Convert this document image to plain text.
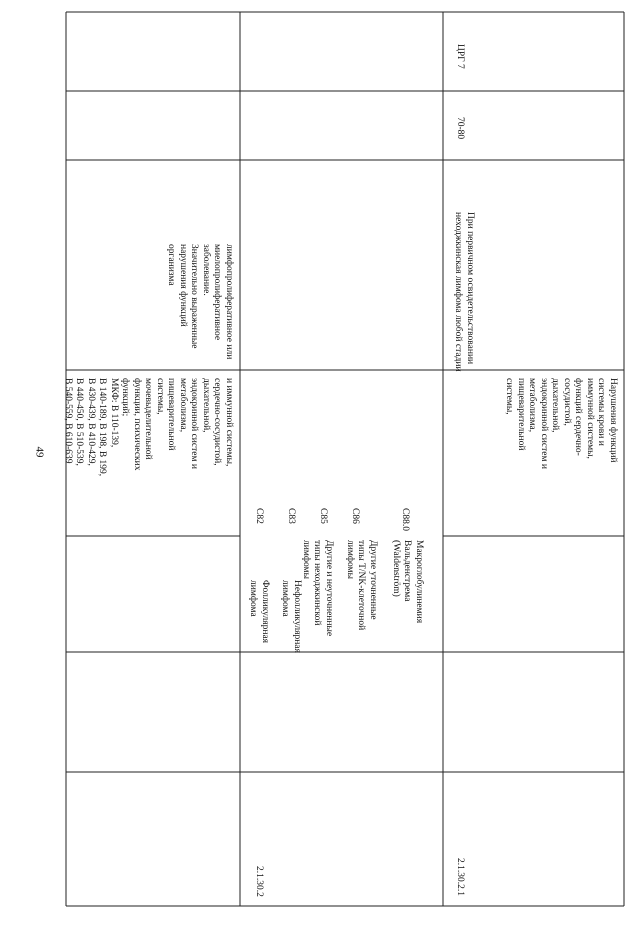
49	и иммунной системы,
сердечно-сосудистой,
дыхательной,
эндокринной систем и
метаболизма,
пищеварительной
системы,
мочевыделительной
функции, психических
функций;
МКФ: В 110-139,
В 140-189, В 198, В 199,
В 430-439, В 410-429,
В 440-450, В 510-539,
В 540-559, В 610-639
лимфопролиферативное или
миелопролиферативное заболевание.
Значительно выраженные нарушения функций
организма
2.1.30.2
Фолликулярная лимфома
С82
Нефолликулярная лимфома
С83
Другие и неуточненные типы неходжкинской лимфомы
С85
Другие уточненные типы Т/NK-клеточной лимфомы
С86
Макроглобулинемия Вальденстрема (Waldenström)
С88.0
2.1.30.2.1
Нарушения функций
системы крови и
иммунной системы,
функций сердечно-
сосудистой,
дыхательной,
эндокринной систем и
метаболизма,
пищеварительной
системы,
При первичном освидетельствовании
неходжкинская лимфома любой стадии
70-80
ЦРГ 7
